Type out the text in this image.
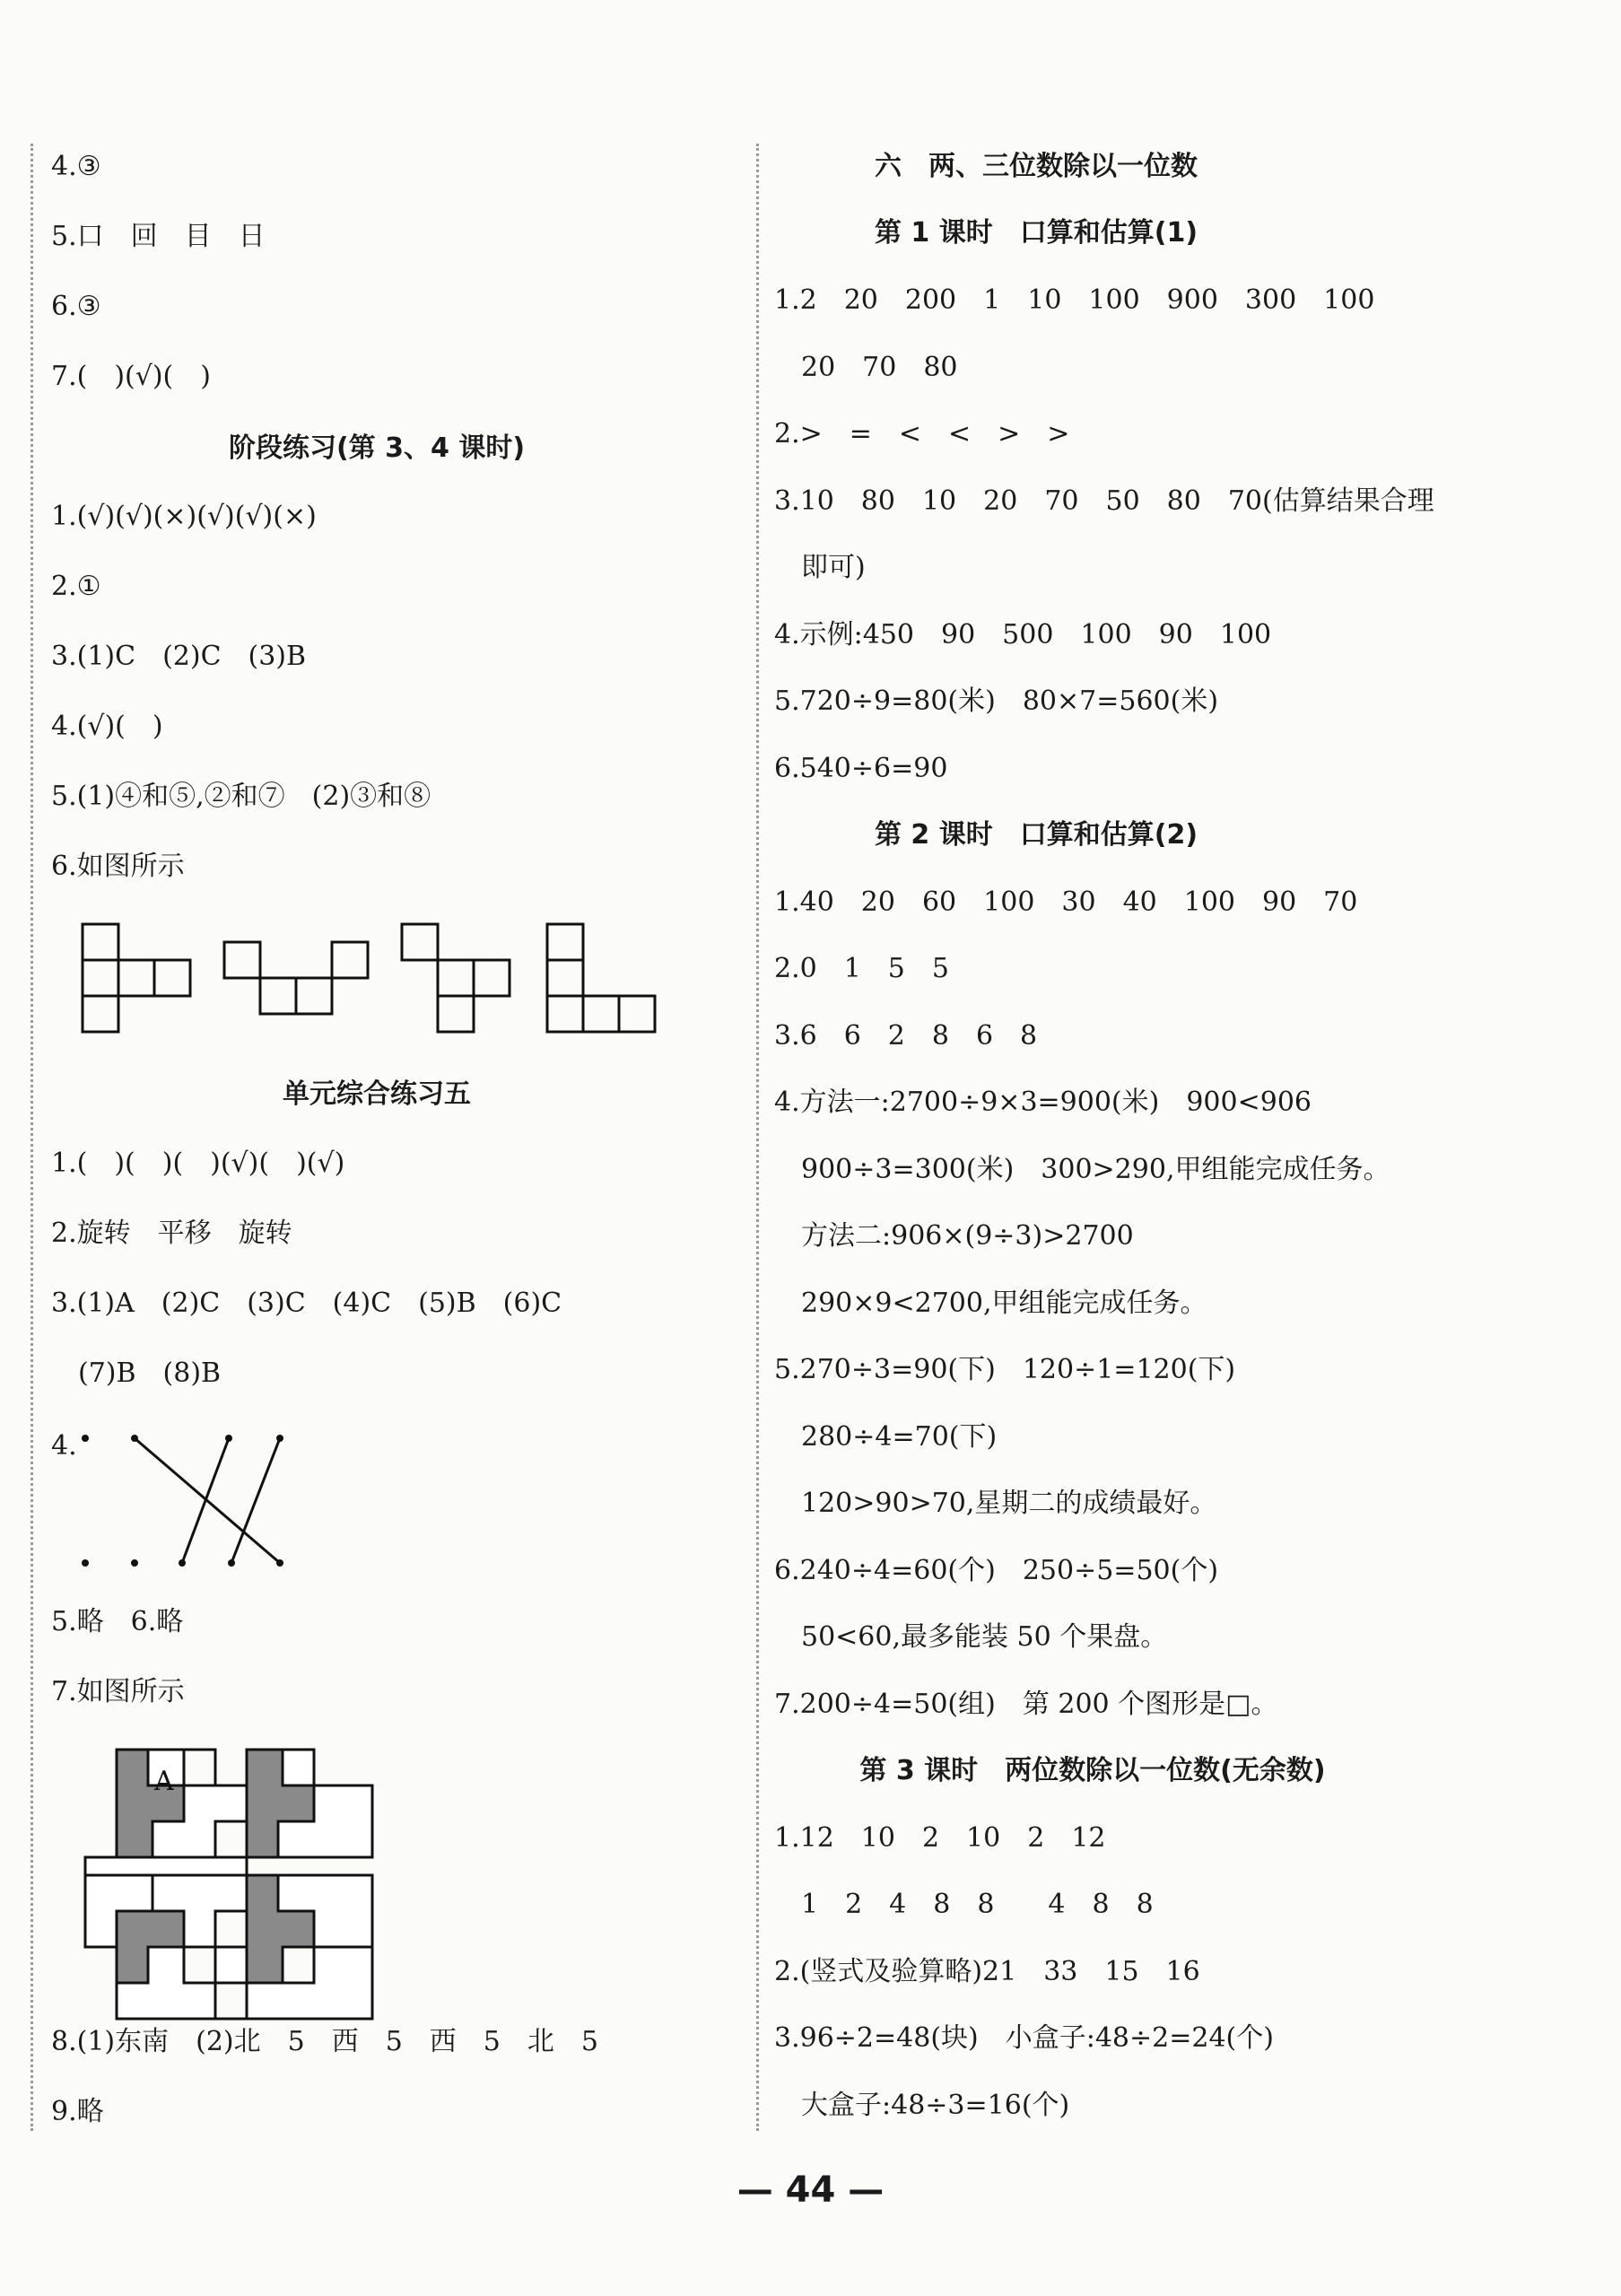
4.③
5.口　回　目　日
6.③
7.(　)(√)(　)
阶段练习(第 3、4 课时)
1.(√)(√)(×)(√)(√)(×)
2.①
3.(1)C　(2)C　(3)B
4.(√)(　)
5.(1)④和⑤,②和⑦　(2)③和⑧
6.如图所示
单元综合练习五
1.(　)(　)(　)(√)(　)(√)
2.旋转　平移　旋转
3.(1)A　(2)C　(3)C　(4)C　(5)B　(6)C
　(7)B　(8)B
4.
5.略　6.略
7.如图所示
A
8.(1)东南　(2)北　5　西　5　西　5　北　5
9.略
六　两、三位数除以一位数
第 1 课时　口算和估算(1)
1.2　20　200　1　10　100　900　300　100
　20　70　80
2.>　=　<　<　>　>
3.10　80　10　20　70　50　80　70(估算结果合理
　即可)
4.示例:450　90　500　100　90　100
5.720÷9=80(米)　80×7=560(米)
6.540÷6=90
第 2 课时　口算和估算(2)
1.40　20　60　100　30　40　100　90　70
2.0　1　5　5
3.6　6　2　8　6　8
4.方法一:2700÷9×3=900(米)　900<906
　900÷3=300(米)　300>290,甲组能完成任务。
　方法二:906×(9÷3)>2700
　290×9<2700,甲组能完成任务。
5.270÷3=90(下)　120÷1=120(下)
　280÷4=70(下)
　120>90>70,星期二的成绩最好。
6.240÷4=60(个)　250÷5=50(个)
　50<60,最多能装 50 个果盘。
7.200÷4=50(组)　第 200 个图形是□。
第 3 课时　两位数除以一位数(无余数)
1.12　10　2　10　2　12
　1　2　4　8　8　　4　8　8
2.(竖式及验算略)21　33　15　16
3.96÷2=48(块)　小盒子:48÷2=24(个)
　大盒子:48÷3=16(个)
— 44 —
